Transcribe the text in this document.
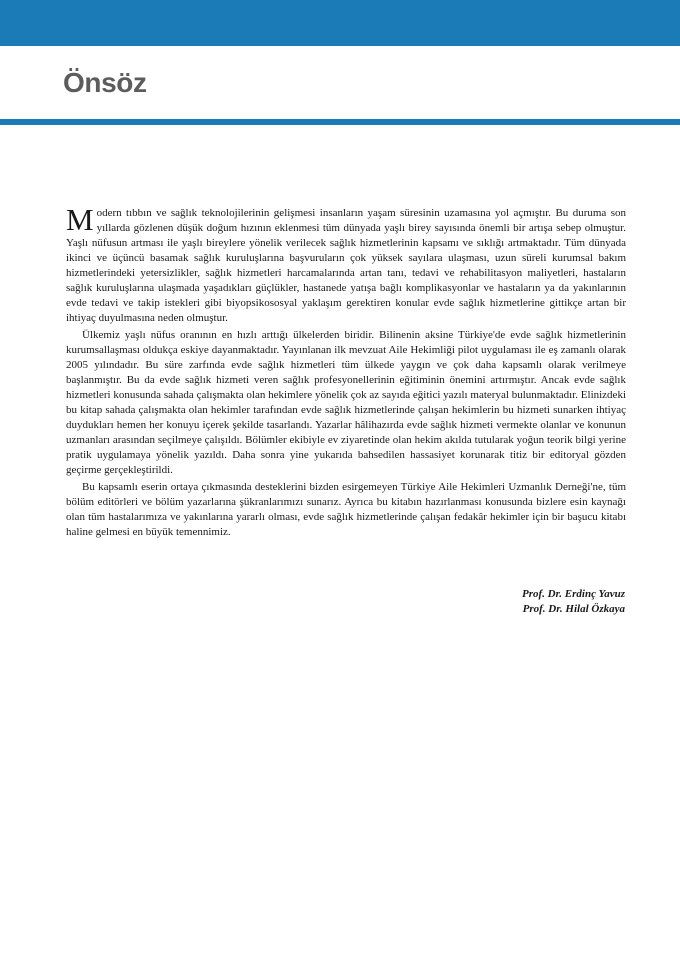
Önsöz

Modern tıbbın ve sağlık teknolojilerinin gelişmesi insanların yaşam süresinin uzamasına yol açmıştır. Bu duruma son yıllarda gözlenen düşük doğum hızının eklenmesi tüm dünyada yaşlı birey sayısında önemli bir artışa sebep olmuştur. Yaşlı nüfusun artması ile yaşlı bireylere yönelik verilecek sağlık hizmetlerinin kapsamı ve sıklığı artmaktadır. Tüm dünyada ikinci ve üçüncü basamak sağlık kuruluşlarına başvuruların çok yüksek sayılara ulaşması, uzun süreli kurumsal bakım hizmetlerindeki yetersizlikler, sağlık hizmetleri harcamalarında artan tanı, tedavi ve rehabilitasyon maliyetleri, hastaların sağlık kuruluşlarına ulaşmada yaşadıkları güçlükler, hastanede yatışa bağlı komplikasyonlar ve hastaların ya da yakınlarının evde tedavi ve takip istekleri gibi biyopsikososyal yaklaşım gerektiren konular evde sağlık hizmetlerine gittikçe artan bir ihtiyaç duyulmasına neden olmuştur.

Ülkemiz yaşlı nüfus oranının en hızlı arttığı ülkelerden biridir. Bilinenin aksine Türkiye'de evde sağlık hizmetlerinin kurumsallaşması oldukça eskiye dayanmaktadır. Yayınlanan ilk mevzuat Aile Hekimliği pilot uygulaması ile eş zamanlı olarak 2005 yılındadır. Bu süre zarfında evde sağlık hizmetleri tüm ülkede yaygın ve çok daha kapsamlı olarak verilmeye başlanmıştır. Bu da evde sağlık hizmeti veren sağlık profesyonellerinin eğitiminin önemini artırmıştır. Ancak evde sağlık hizmetleri konusunda sahada çalışmakta olan hekimlere yönelik çok az sayıda eğitici yazılı materyal bulunmaktadır. Elinizdeki bu kitap sahada çalışmakta olan hekimler tarafından evde sağlık hizmetlerinde çalışan hekimlerin bu hizmeti sunarken ihtiyaç duydukları hemen her konuyu içerek şekilde tasarlandı. Yazarlar hâlihazırda evde sağlık hizmeti vermekte olanlar ve konunun uzmanları arasından seçilmeye çalışıldı. Bölümler ekibiyle ev ziyaretinde olan hekim akılda tutularak yoğun teorik bilgi yerine pratik uygulamaya yönelik yazıldı. Daha sonra yine yukarıda bahsedilen hassasiyet korunarak titiz bir editoryal gözden geçirme gerçekleştirildi.

Bu kapsamlı eserin ortaya çıkmasında desteklerini bizden esirgemeyen Türkiye Aile Hekimleri Uzmanlık Derneği'ne, tüm bölüm editörleri ve bölüm yazarlarına şükranlarımızı sunarız. Ayrıca bu kitabın hazırlanması konusunda bizlere esin kaynağı olan tüm hastalarımıza ve yakınlarına yararlı olması, evde sağlık hizmetlerinde çalışan fedakâr hekimler için bir başucu kitabı haline gelmesi en büyük temennimiz.

Prof. Dr. Erdinç Yavuz
Prof. Dr. Hilal Özkaya
